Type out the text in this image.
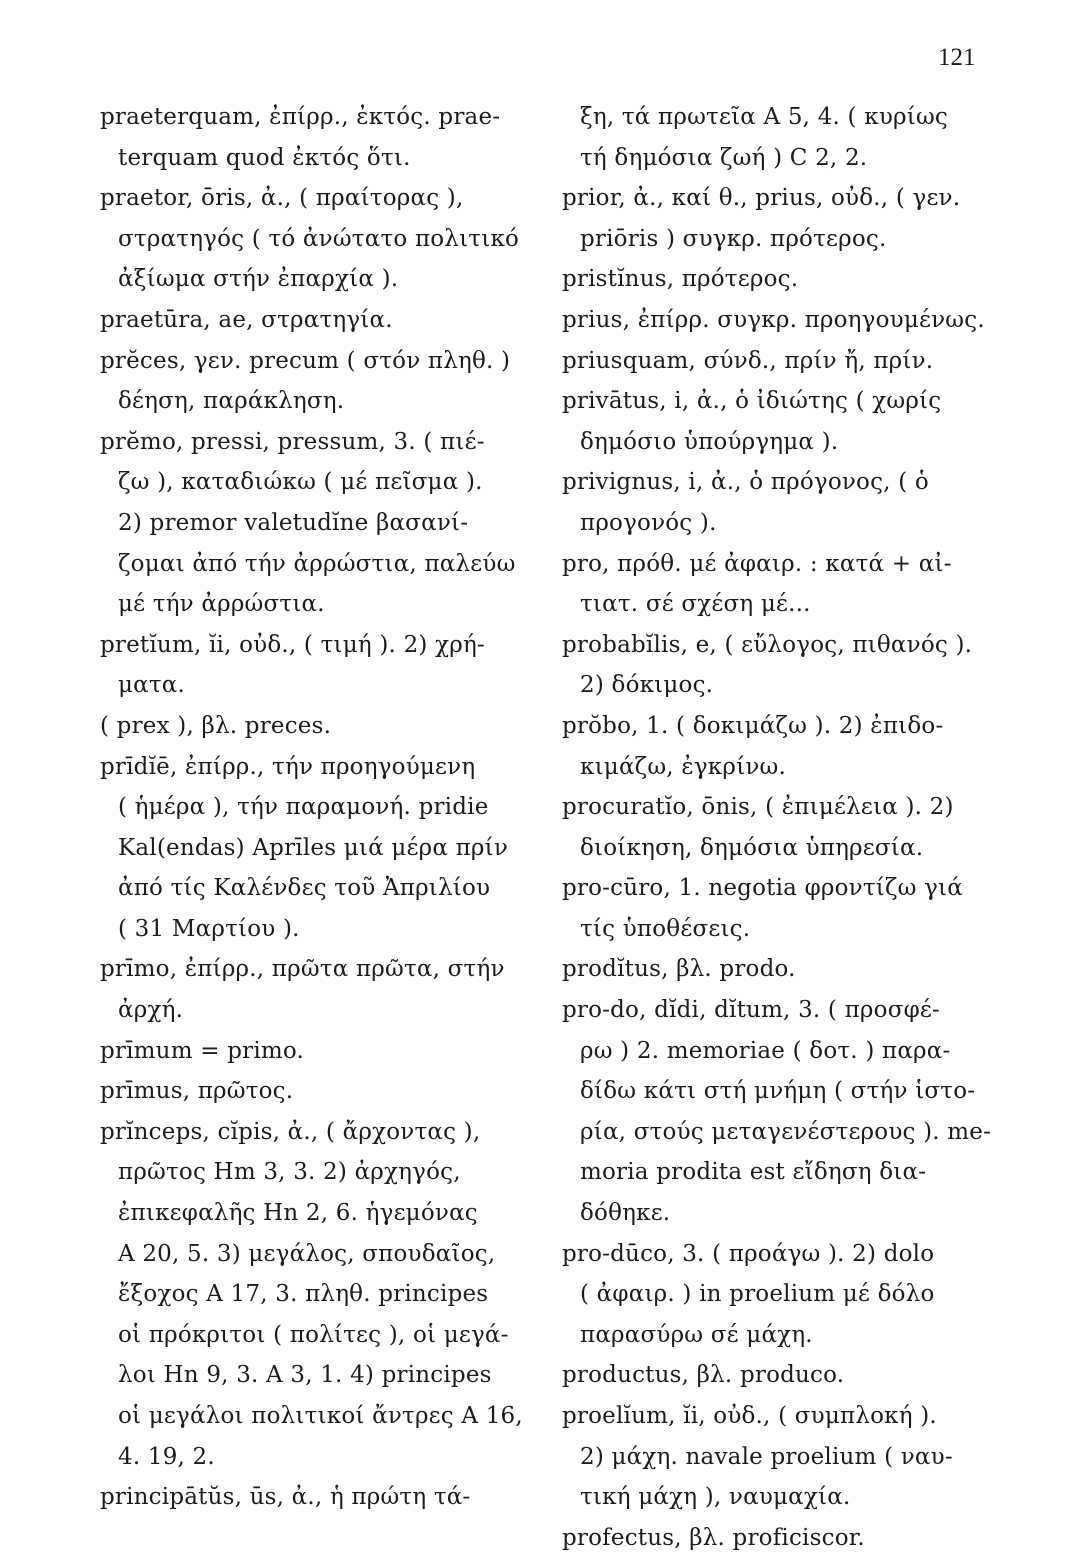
121
praeterquam, ἐπίρρ., ἐκτός. prae-
terquam quod ἐκτός ὅτι.
praetor, ōris, ἀ., ( πραίτορας ),
στρατηγός ( τό ἀνώτατο πολιτικό
ἀξίωμα στήν ἐπαρχία ).
praetūra, ae, στρατηγία.
prĕces, γεν. precum ( στόν πληθ. )
δέηση, παράκληση.
prĕmo, pressi, pressum, 3. ( πιέ-
ζω ), καταδιώκω ( μέ πεῖσμα ).
2) premor valetudĭne βασανί-
ζομαι ἀπό τήν ἀρρώστια, παλεύω
μέ τήν ἀρρώστια.
pretĭum, ĭi, οὐδ., ( τιμή ). 2) χρή-
ματα.
( prex ), βλ. preces.
prīdĭē, ἐπίρρ., τήν προηγούμενη
( ἡμέρα ), τήν παραμονή. pridie
Kal(endas) Aprīles μιά μέρα πρίν
ἀπό τίς Καλένδες τοῦ Ἀπριλίου
( 31 Μαρτίου ).
prīmo, ἐπίρρ., πρῶτα πρῶτα, στήν
ἀρχή.
prīmum = primo.
prīmus, πρῶτος.
prĭnceps, cĭpis, ἀ., ( ἄρχοντας ),
πρῶτος Hm 3, 3. 2) ἀρχηγός,
ἐπικεφαλῆς Hn 2, 6. ἡγεμόνας
A 20, 5. 3) μεγάλος, σπουδαῖος,
ἔξοχος A 17, 3. πληθ. principes
οἱ πρόκριτοι ( πολίτες ), οἱ μεγά-
λοι Hn 9, 3. A 3, 1. 4) principes
οἱ μεγάλοι πολιτικοί ἄντρες A 16,
4. 19, 2.
principātŭs, ūs, ἀ., ἡ πρώτη τά-
ξη, τά πρωτεῖα A 5, 4. ( κυρίως
τή δημόσια ζωή ) C 2, 2.
prior, ἀ., καί θ., prius, οὐδ., ( γεν.
priōris ) συγκρ. πρότερος.
pristĭnus, πρότερος.
prius, ἐπίρρ. συγκρ. προηγουμένως.
priusquam, σύνδ., πρίν ἤ, πρίν.
privātus, i, ἀ., ὁ ἰδιώτης ( χωρίς
δημόσιο ὑπούργημα ).
privignus, i, ἀ., ὁ πρόγονος, ( ὁ
προγονός ).
pro, πρόθ. μέ ἀφαιρ. : κατά + αἰ-
τιατ. σέ σχέση μέ...
probabĭlis, e, ( εὔλογος, πιθανός ).
2) δόκιμος.
prŏbo, 1. ( δοκιμάζω ). 2) ἐπιδο-
κιμάζω, ἐγκρίνω.
procuratĭo, ōnis, ( ἐπιμέλεια ). 2)
διοίκηση, δημόσια ὑπηρεσία.
pro-cūro, 1. negotia φροντίζω γιά
τίς ὑποθέσεις.
prodĭtus, βλ. prodo.
pro-do, dĭdi, dĭtum, 3. ( προσφέ-
ρω ) 2. memoriae ( δοτ. ) παρα-
δίδω κάτι στή μνήμη ( στήν ἱστο-
ρία, στούς μεταγενέστερους ). me-
moria prodita est εἴδηση δια-
δόθηκε.
pro-dūco, 3. ( προάγω ). 2) dolo
( ἀφαιρ. ) in proelium μέ δόλο
παρασύρω σέ μάχη.
productus, βλ. produco.
proelĭum, ĭi, οὐδ., ( συμπλοκή ).
2) μάχη. navale proelium ( ναυ-
τική μάχη ), ναυμαχία.
profectus, βλ. proficiscor.
